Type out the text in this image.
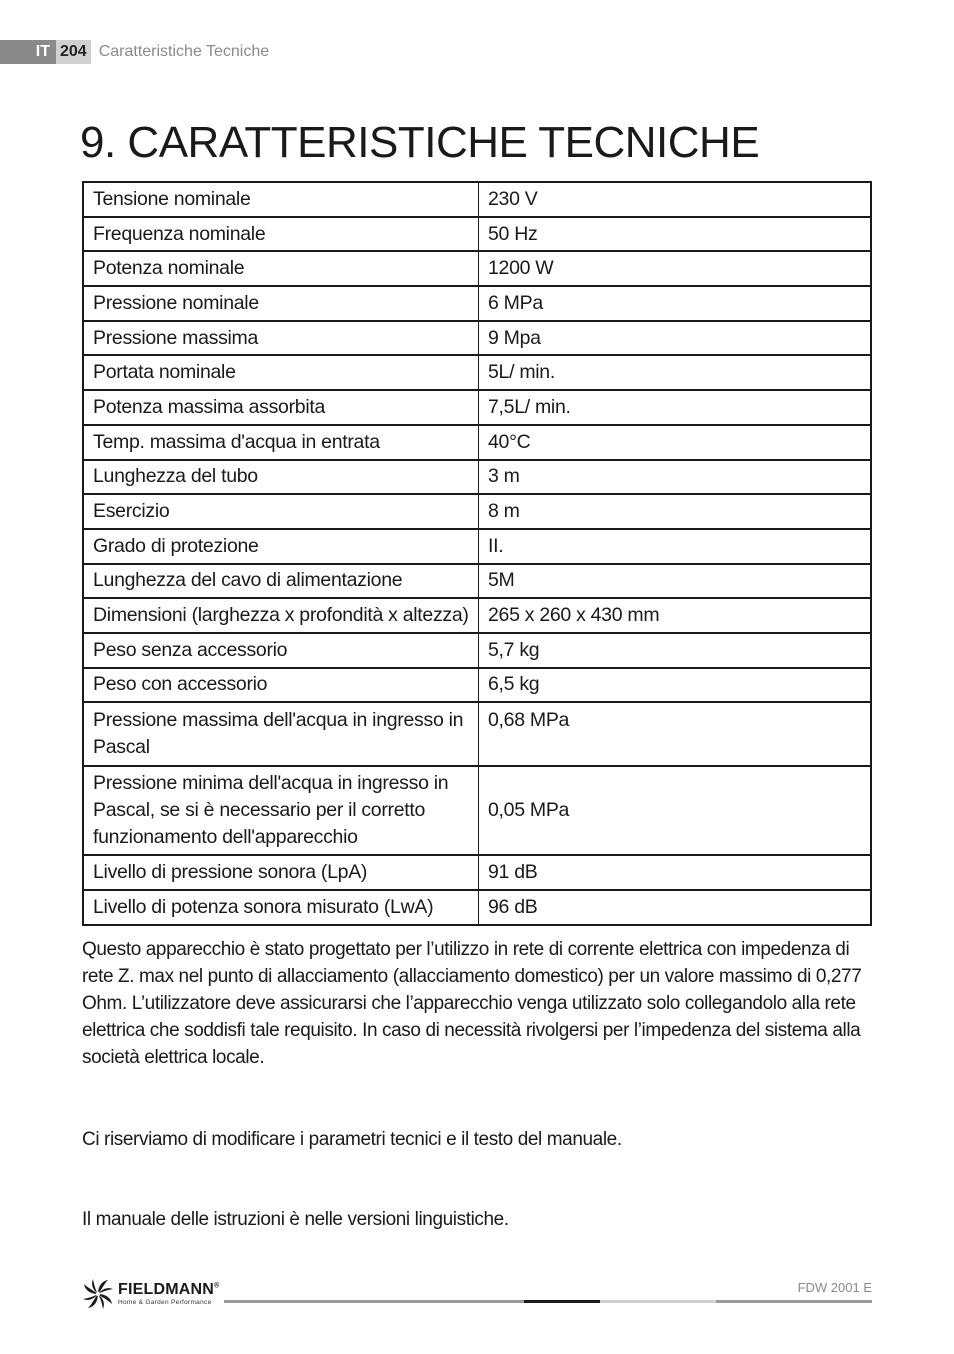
IT 204 Caratteristiche Tecniche
9. CARATTERISTICHE TECNICHE
Tensione nominale	230 V
Frequenza nominale	50 Hz
Potenza nominale	1200 W
Pressione nominale	6 MPa
Pressione massima	9 Mpa
Portata nominale	5L/ min.
Potenza massima assorbita	7,5L/ min.
Temp. massima d'acqua in entrata	40°C
Lunghezza del tubo	3 m
Esercizio	8 m
Grado di protezione	II.
Lunghezza del cavo di alimentazione	5M
Dimensioni (larghezza x profondità x altezza)	265 x 260 x 430 mm
Peso senza accessorio	5,7 kg
Peso con accessorio	6,5 kg
Pressione massima dell'acqua in ingresso in Pascal	0,68 MPa
Pressione minima dell'acqua in ingresso in Pascal, se si è necessario per il corretto funzionamento dell'apparecchio	0,05 MPa
Livello di pressione sonora (LpA)	91 dB
Livello di potenza sonora misurato (LwA)	96 dB

Questo apparecchio è stato progettato per l’utilizzo in rete di corrente elettrica con impedenza di rete Z. max nel punto di allacciamento (allacciamento domestico) per un valore massimo di 0,277 Ohm. L’utilizzatore deve assicurarsi che l’apparecchio venga utilizzato solo collegandolo alla rete elettrica che soddisfi tale requisito. In caso di necessità rivolgersi per l’impedenza del sistema alla società elettrica locale.

Ci riserviamo di modificare i parametri tecnici e il testo del manuale.

Il manuale delle istruzioni è nelle versioni linguistiche.

FIELDMANN®
Home & Garden Performance
FDW 2001 E
